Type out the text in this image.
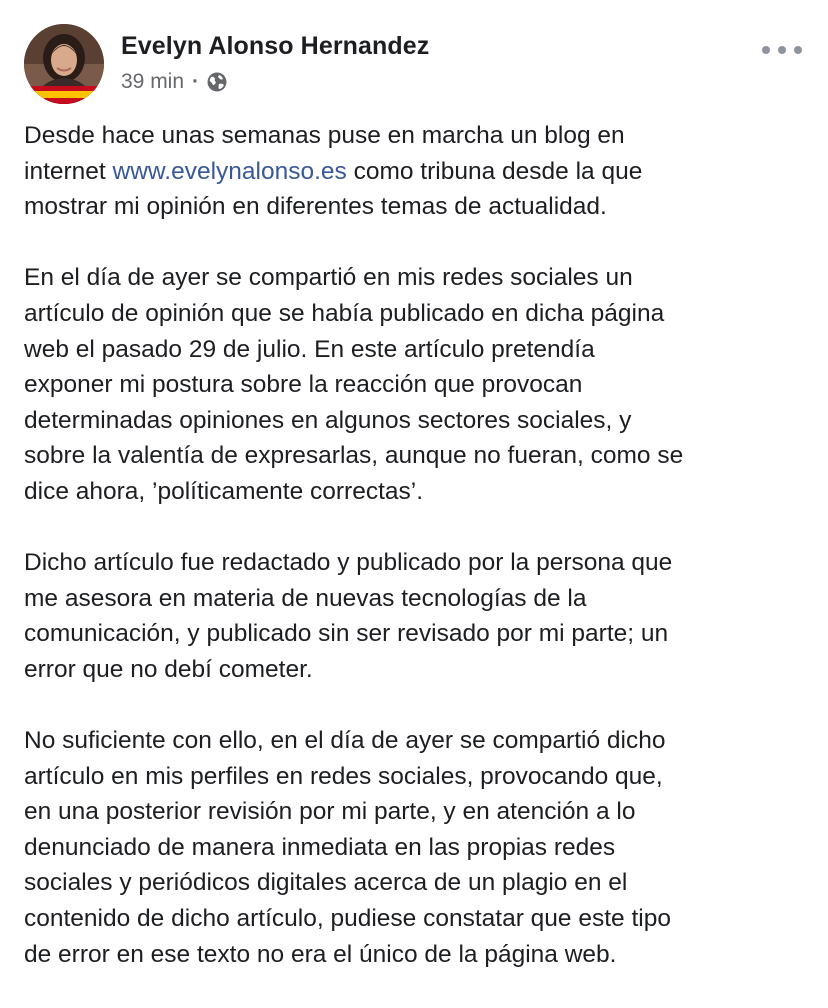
Evelyn Alonso Hernandez
39 min ·
Desde hace unas semanas puse en marcha un blog en
internet www.evelynalonso.es como tribuna desde la que
mostrar mi opinión en diferentes temas de actualidad.
En el día de ayer se compartió en mis redes sociales un
artículo de opinión que se había publicado en dicha página
web el pasado 29 de julio. En este artículo pretendía
exponer mi postura sobre la reacción que provocan
determinadas opiniones en algunos sectores sociales, y
sobre la valentía de expresarlas, aunque no fueran, como se
dice ahora, ’políticamente correctas’.
Dicho artículo fue redactado y publicado por la persona que
me asesora en materia de nuevas tecnologías de la
comunicación, y publicado sin ser revisado por mi parte; un
error que no debí cometer.
No suficiente con ello, en el día de ayer se compartió dicho
artículo en mis perfiles en redes sociales, provocando que,
en una posterior revisión por mi parte, y en atención a lo
denunciado de manera inmediata en las propias redes
sociales y periódicos digitales acerca de un plagio en el
contenido de dicho artículo, pudiese constatar que este tipo
de error en ese texto no era el único de la página web.
